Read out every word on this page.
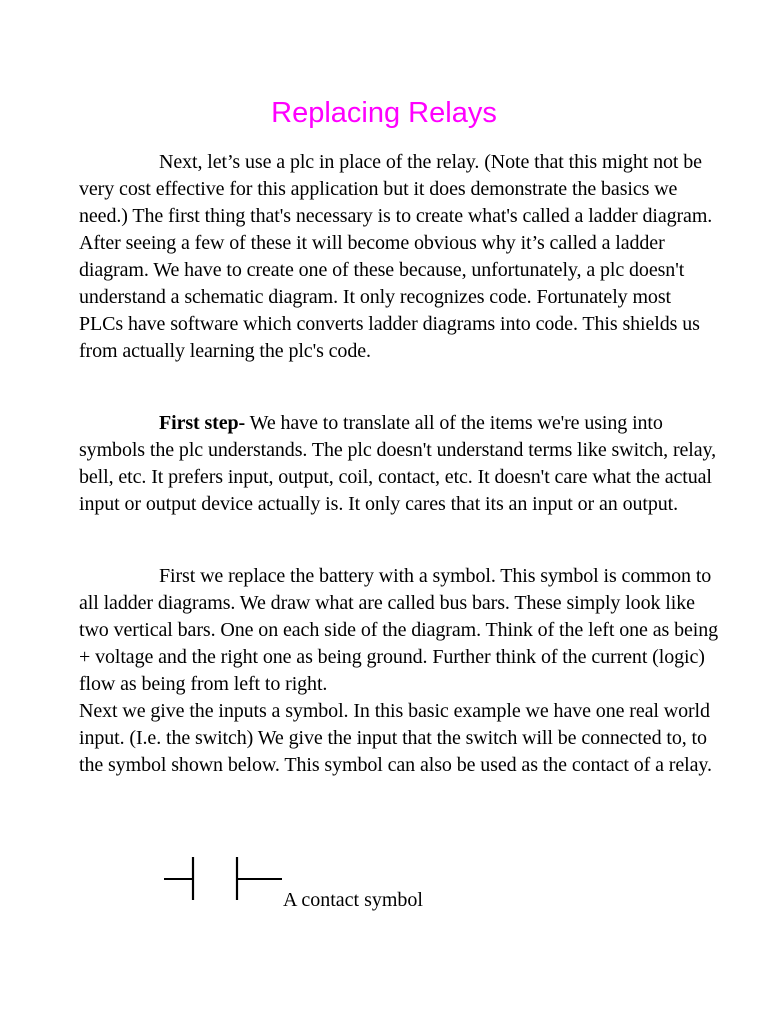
Replacing Relays

Next, let’s use a plc in place of the relay. (Note that this might not be very cost effective for this application but it does demonstrate the basics we need.) The first thing that's necessary is to create what's called a ladder diagram. After seeing a few of these it will become obvious why it’s called a ladder diagram. We have to create one of these because, unfortunately, a plc doesn't understand a schematic diagram. It only recognizes code. Fortunately most PLCs have software which converts ladder diagrams into code. This shields us from actually learning the plc's code.

First step- We have to translate all of the items we're using into symbols the plc understands. The plc doesn't understand terms like switch, relay, bell, etc. It prefers input, output, coil, contact, etc. It doesn't care what the actual input or output device actually is. It only cares that its an input or an output.

First we replace the battery with a symbol. This symbol is common to all ladder diagrams. We draw what are called bus bars. These simply look like two vertical bars. One on each side of the diagram. Think of the left one as being + voltage and the right one as being ground. Further think of the current (logic) flow as being from left to right.
Next we give the inputs a symbol. In this basic example we have one real world input. (I.e. the switch) We give the input that the switch will be connected to, to the symbol shown below. This symbol can also be used as the contact of a relay.

A contact symbol
